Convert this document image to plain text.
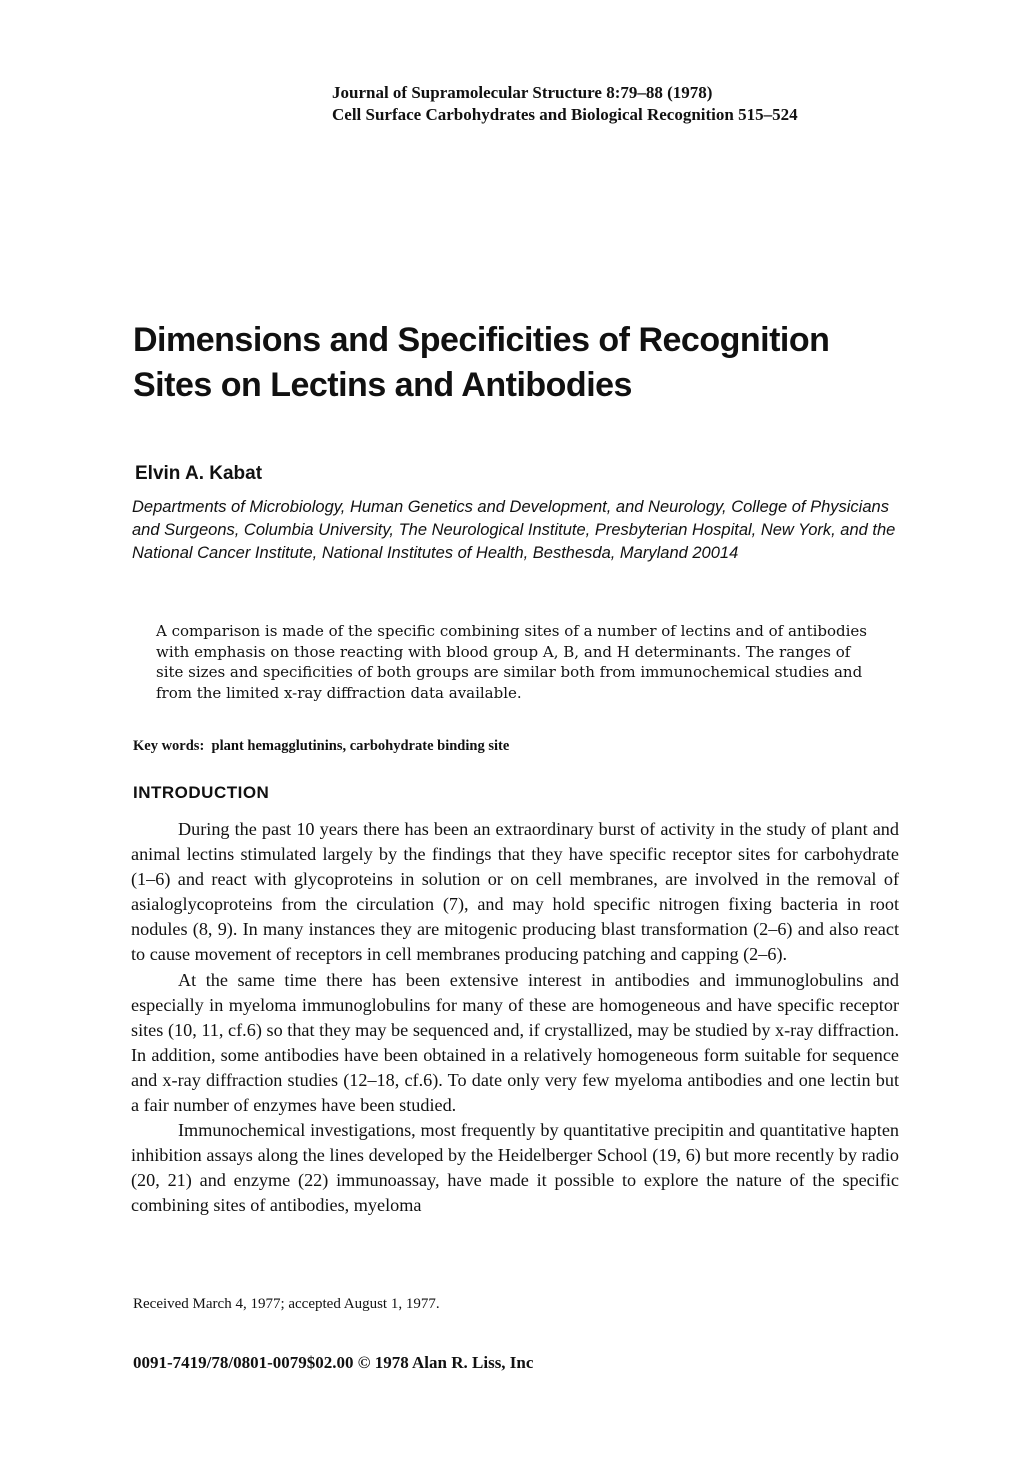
Journal of Supramolecular Structure 8:79–88 (1978)
Cell Surface Carbohydrates and Biological Recognition 515–524
Dimensions and Specificities of Recognition Sites on Lectins and Antibodies
Elvin A. Kabat
Departments of Microbiology, Human Genetics and Development, and Neurology, College of Physicians and Surgeons, Columbia University, The Neurological Institute, Presbyterian Hospital, New York, and the National Cancer Institute, National Institutes of Health, Besthesda, Maryland 20014
A comparison is made of the specific combining sites of a number of lectins and of antibodies with emphasis on those reacting with blood group A, B, and H determinants. The ranges of site sizes and specificities of both groups are similar both from immunochemical studies and from the limited x-ray diffraction data available.
Key words: plant hemagglutinins, carbohydrate binding site
INTRODUCTION

During the past 10 years there has been an extraordinary burst of activity in the study of plant and animal lectins stimulated largely by the findings that they have specific receptor sites for carbohydrate (1–6) and react with glycoproteins in solution or on cell membranes, are involved in the removal of asialoglycoproteins from the circulation (7), and may hold specific nitrogen fixing bacteria in root nodules (8, 9). In many instances they are mitogenic producing blast transformation (2–6) and also react to cause movement of receptors in cell membranes producing patching and capping (2–6).

At the same time there has been extensive interest in antibodies and immunoglobulins and especially in myeloma immunoglobulins for many of these are homogeneous and have specific receptor sites (10, 11, cf.6) so that they may be sequenced and, if crystallized, may be studied by x-ray diffraction. In addition, some antibodies have been obtained in a relatively homogeneous form suitable for sequence and x-ray diffraction studies (12–18, cf.6). To date only very few myeloma antibodies and one lectin but a fair number of enzymes have been studied.

Immunochemical investigations, most frequently by quantitative precipitin and quantitative hapten inhibition assays along the lines developed by the Heidelberger School (19, 6) but more recently by radio (20, 21) and enzyme (22) immunoassay, have made it possible to explore the nature of the specific combining sites of antibodies, myeloma

Received March 4, 1977; accepted August 1, 1977.
0091-7419/78/0801-0079$02.00 © 1978 Alan R. Liss, Inc
